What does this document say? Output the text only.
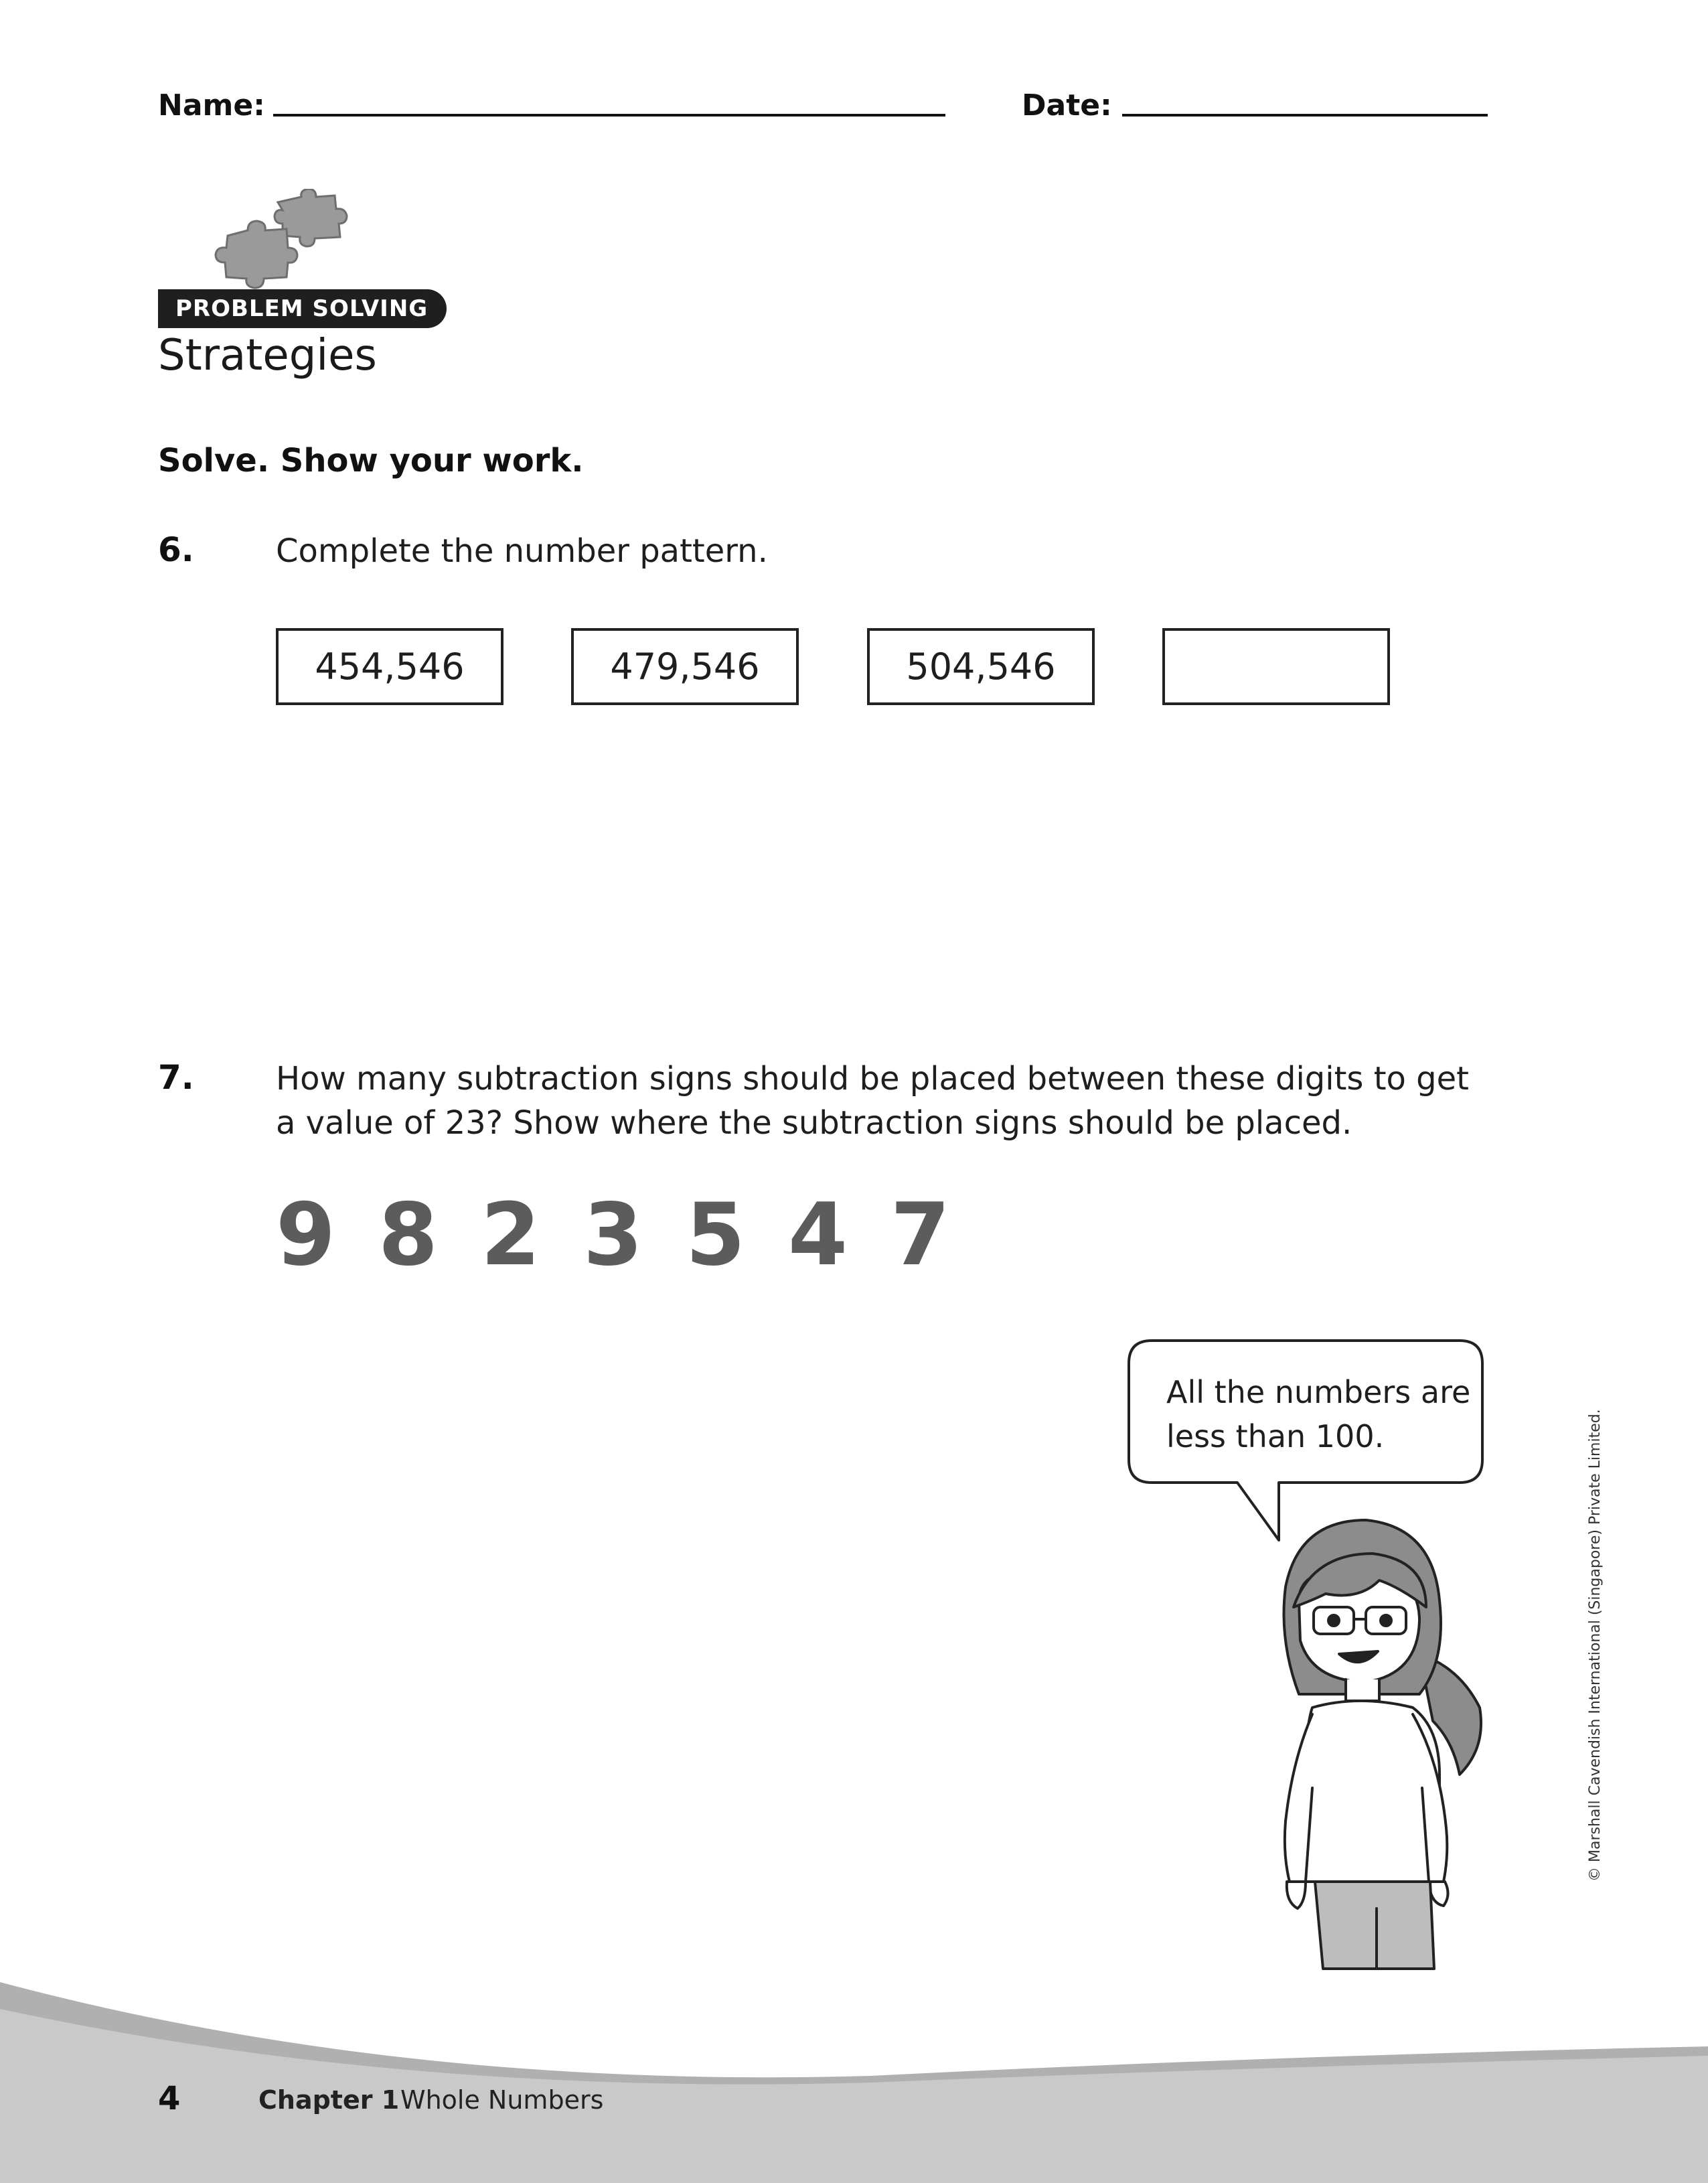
Name:	Date:
PROBLEM SOLVING
Strategies
Solve. Show your work.
6.	Complete the number pattern.
454,546	479,546	504,546
7.	How many subtraction signs should be placed between these digits to get
a value of 23? Show where the subtraction signs should be placed.
9 8 2 3 5 4 7
All the numbers are
less than 100.	© Marshall Cavendish International (Singapore) Private Limited.
4	Chapter 1 Whole Numbers
